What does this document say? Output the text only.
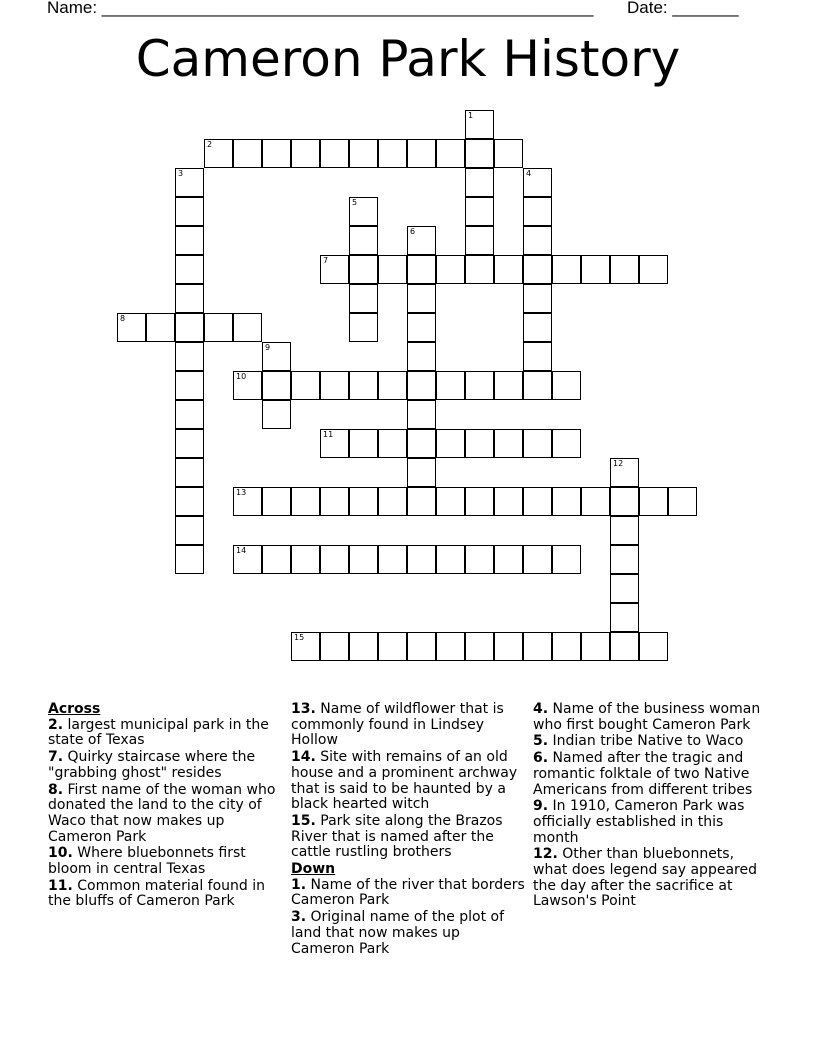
Name: ____________________________________________________ Date: _______
Cameron Park History
1
2
3	4
5
6
7
8
9
10
11
12
13
14
15
Across
2. largest municipal park in the state of Texas
7. Quirky staircase where the "grabbing ghost" resides
8. First name of the woman who donated the land to the city of Waco that now makes up Cameron Park
10. Where bluebonnets first bloom in central Texas
11. Common material found in the bluffs of Cameron Park
13. Name of wildflower that is commonly found in Lindsey Hollow
14. Site with remains of an old house and a prominent archway that is said to be haunted by a black hearted witch
15. Park site along the Brazos River that is named after the cattle rustling brothers
Down
1. Name of the river that borders Cameron Park
3. Original name of the plot of land that now makes up Cameron Park
4. Name of the business woman who first bought Cameron Park
5. Indian tribe Native to Waco
6. Named after the tragic and romantic folktale of two Native Americans from different tribes
9. In 1910, Cameron Park was officially established in this month
12. Other than bluebonnets, what does legend say appeared the day after the sacrifice at Lawson's Point
